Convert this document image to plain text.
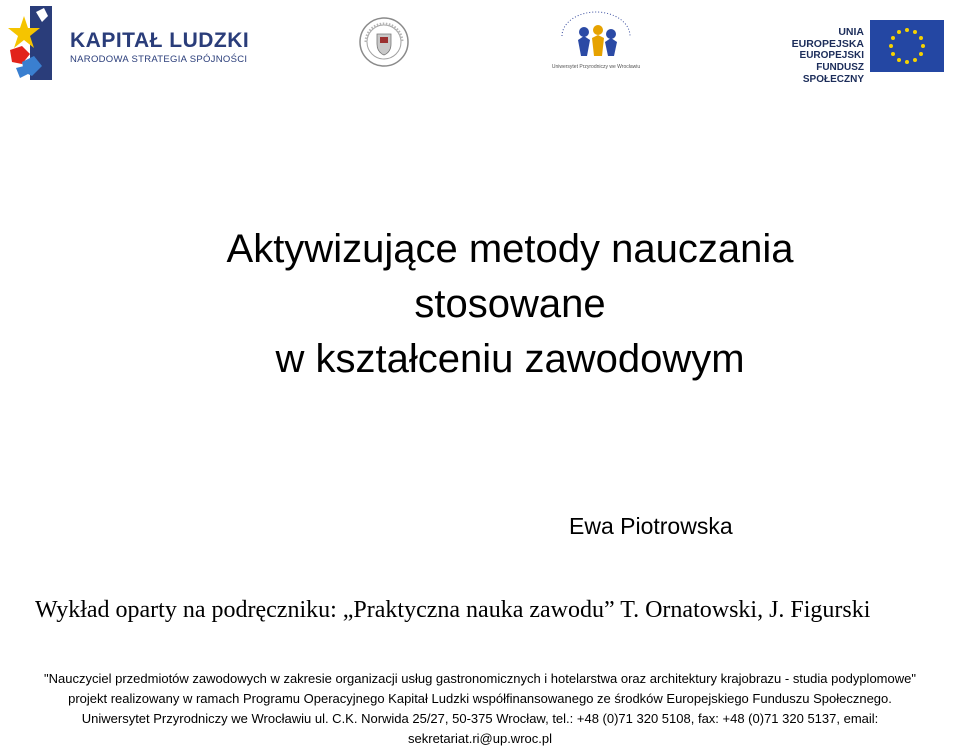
KAPITAŁ LUDZKI
NARODOWA STRATEGIA SPÓJNOŚCI
Uniwersytet Przyrodniczy we Wrocławiu
UNIA EUROPEJSKA
EUROPEJSKI
FUNDUSZ SPOŁECZNY
Aktywizujące metody nauczania
stosowane
w kształceniu zawodowym
Ewa Piotrowska
Wykład oparty na podręczniku: „Praktyczna nauka zawodu” T. Ornatowski, J. Figurski
"Nauczyciel przedmiotów zawodowych w zakresie organizacji usług gastronomicznych i hotelarstwa oraz architektury krajobrazu - studia podyplomowe"
projekt realizowany w ramach Programu Operacyjnego Kapitał Ludzki współfinansowanego ze środków Europejskiego Funduszu Społecznego.
Uniwersytet Przyrodniczy we Wrocławiu ul. C.K. Norwida 25/27, 50-375 Wrocław, tel.: +48 (0)71 320 5108, fax: +48 (0)71 320 5137, email:
sekretariat.ri@up.wroc.pl
